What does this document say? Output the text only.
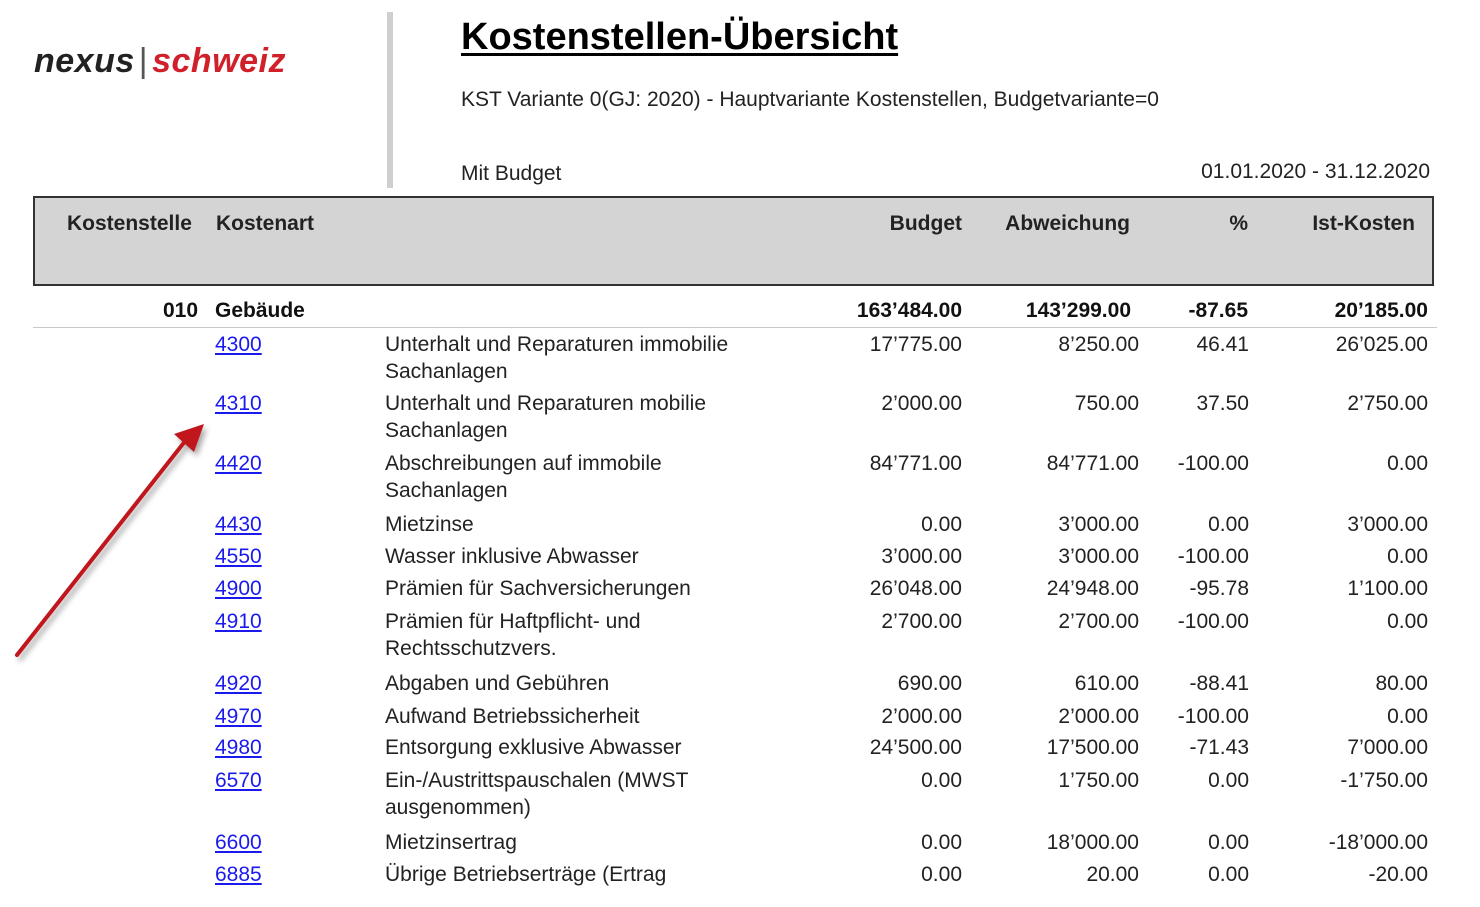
nexus | schweiz
Kostenstellen-Übersicht
KST Variante 0(GJ: 2020) - Hauptvariante Kostenstellen, Budgetvariante=0
Mit Budget	01.01.2020 - 31.12.2020
Kostenstelle Kostenart	Budget Abweichung	%	Ist-Kosten
010 Gebäude	163’484.00	143’299.00	-87.65	20’185.00
4300	Unterhalt und Reparaturen immobilie
Sachanlagen
17’775.00	8’250.00	46.41	26’025.00
4310	Unterhalt und Reparaturen mobilie
Sachanlagen
2’000.00	750.00	37.50	2’750.00
4420	Abschreibungen auf immobile
Sachanlagen
84’771.00	84’771.00 -100.00	0.00
4430	Mietzinse	0.00	3’000.00	0.00	3’000.00
4550	Wasser inklusive Abwasser	3’000.00	3’000.00 -100.00	0.00
4900	Prämien für Sachversicherungen	26’048.00	24’948.00 -95.78	1’100.00
4910	Prämien für Haftpflicht- und
Rechtsschutzvers.
2’700.00	2’700.00 -100.00	0.00
4920	Abgaben und Gebühren	690.00	610.00 -88.41	80.00
4970	Aufwand Betriebssicherheit	2’000.00	2’000.00 -100.00	0.00
4980	Entsorgung exklusive Abwasser	24’500.00	17’500.00 -71.43	7’000.00
6570	Ein-/Austrittspauschalen (MWST
ausgenommen)
0.00	1’750.00	0.00	-1’750.00
6600	Mietzinsertrag	0.00	18’000.00	0.00	-18’000.00
6885	Übrige Betriebserträge (Ertrag	0.00	20.00	0.00	-20.00
